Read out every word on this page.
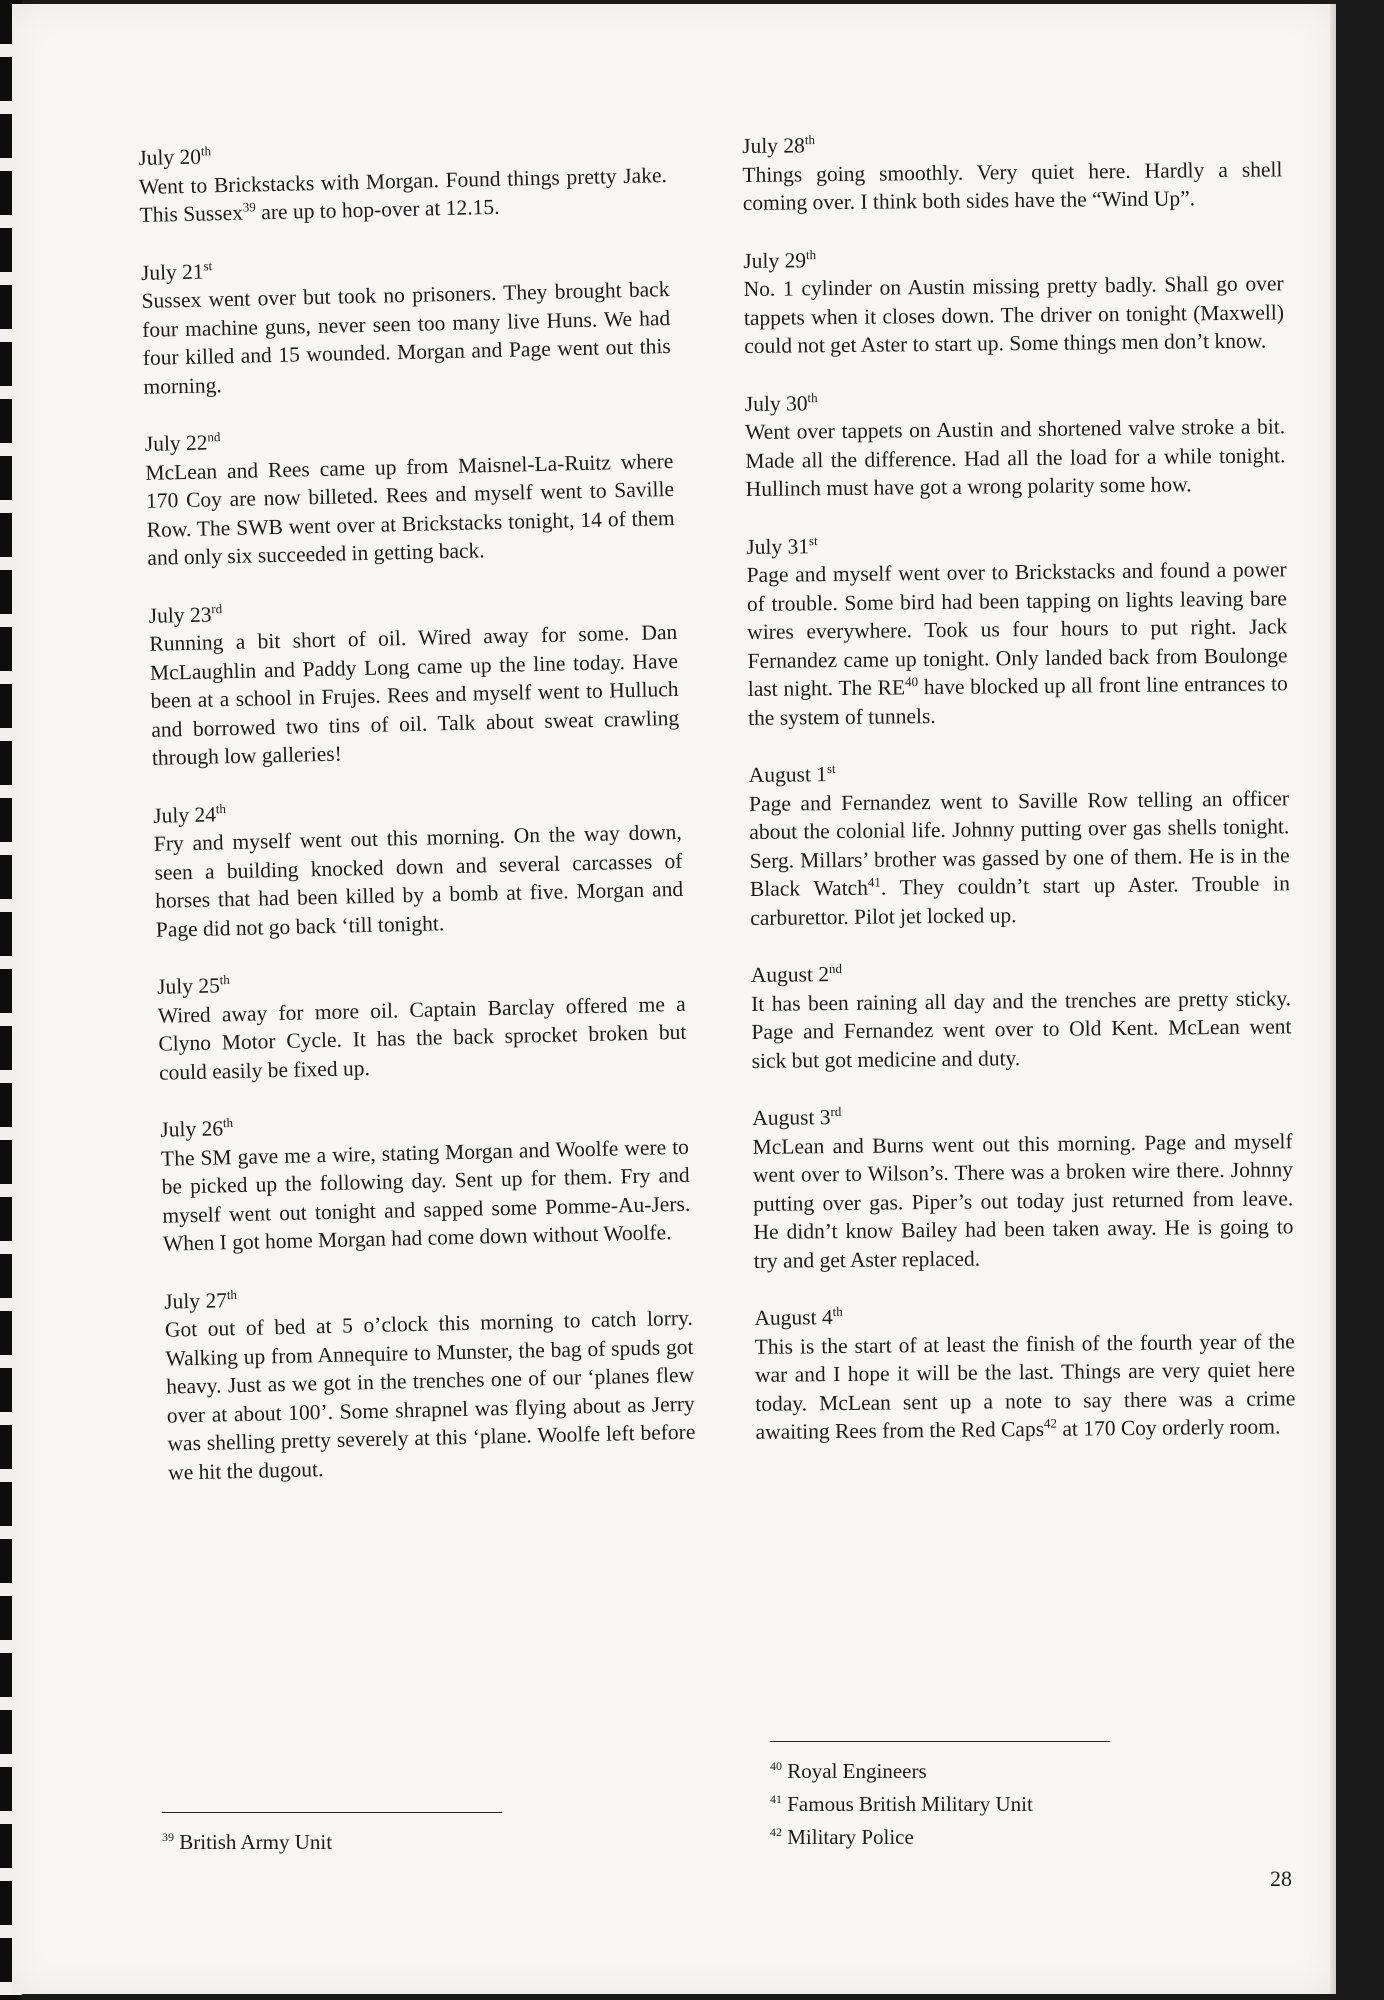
July 20th
Went to Brickstacks with Morgan. Found things pretty Jake. This Sussex$^{39}$ are up to hop-over at 12.15.
July 21st
Sussex went over but took no prisoners. They brought back four machine guns, never seen too many live Huns. We had four killed and 15 wounded. Morgan and Page went out this morning.
July 22nd
McLean and Rees came up from Maisnel-La-Ruitz where 170 Coy are now billeted. Rees and myself went to Saville Row. The SWB went over at Brickstacks tonight, 14 of them and only six succeeded in getting back.
July 23rd
Running a bit short of oil. Wired away for some. Dan McLaughlin and Paddy Long came up the line today. Have been at a school in Frujes. Rees and myself went to Hulluch and borrowed two tins of oil. Talk about sweat crawling through low galleries!
July 24th
Fry and myself went out this morning. On the way down, seen a building knocked down and several carcasses of horses that had been killed by a bomb at five. Morgan and Page did not go back ‘till tonight.
July 25th
Wired away for more oil. Captain Barclay offered me a Clyno Motor Cycle. It has the back sprocket broken but could easily be fixed up.
July 26th
The SM gave me a wire, stating Morgan and Woolfe were to be picked up the following day. Sent up for them. Fry and myself went out tonight and sapped some Pomme-Au-Jers. When I got home Morgan had come down without Woolfe.
July 27th
Got out of bed at 5 o’clock this morning to catch lorry. Walking up from Annequire to Munster, the bag of spuds got heavy. Just as we got in the trenches one of our ‘planes flew over at about 100’. Some shrapnel was flying about as Jerry was shelling pretty severely at this ‘plane. Woolfe left before we hit the dugout.
July 28th
Things going smoothly. Very quiet here. Hardly a shell coming over. I think both sides have the “Wind Up”.
July 29th
No. 1 cylinder on Austin missing pretty badly. Shall go over tappets when it closes down. The driver on tonight (Maxwell) could not get Aster to start up. Some things men don’t know.
July 30th
Went over tappets on Austin and shortened valve stroke a bit. Made all the difference. Had all the load for a while tonight. Hullinch must have got a wrong polarity some how.
July 31st
Page and myself went over to Brickstacks and found a power of trouble. Some bird had been tapping on lights leaving bare wires everywhere. Took us four hours to put right. Jack Fernandez came up tonight. Only landed back from Boulonge last night. The RE$^{40}$ have blocked up all front line entrances to the system of tunnels.
August 1st
Page and Fernandez went to Saville Row telling an officer about the colonial life. Johnny putting over gas shells tonight. Serg. Millars’ brother was gassed by one of them. He is in the Black Watch$^{41}$. They couldn’t start up Aster. Trouble in carburettor. Pilot jet locked up.
August 2nd
It has been raining all day and the trenches are pretty sticky. Page and Fernandez went over to Old Kent. McLean went sick but got medicine and duty.
August 3rd
McLean and Burns went out this morning. Page and myself went over to Wilson’s. There was a broken wire there. Johnny putting over gas. Piper’s out today just returned from leave. He didn’t know Bailey had been taken away. He is going to try and get Aster replaced.
August 4th
This is the start of at least the finish of the fourth year of the war and I hope it will be the last. Things are very quiet here today. McLean sent up a note to say there was a crime awaiting Rees from the Red Caps$^{42}$ at 170 Coy orderly room.
$^{39}$ British Army Unit
$^{40}$ Royal Engineers
$^{41}$ Famous British Military Unit
$^{42}$ Military Police
28
